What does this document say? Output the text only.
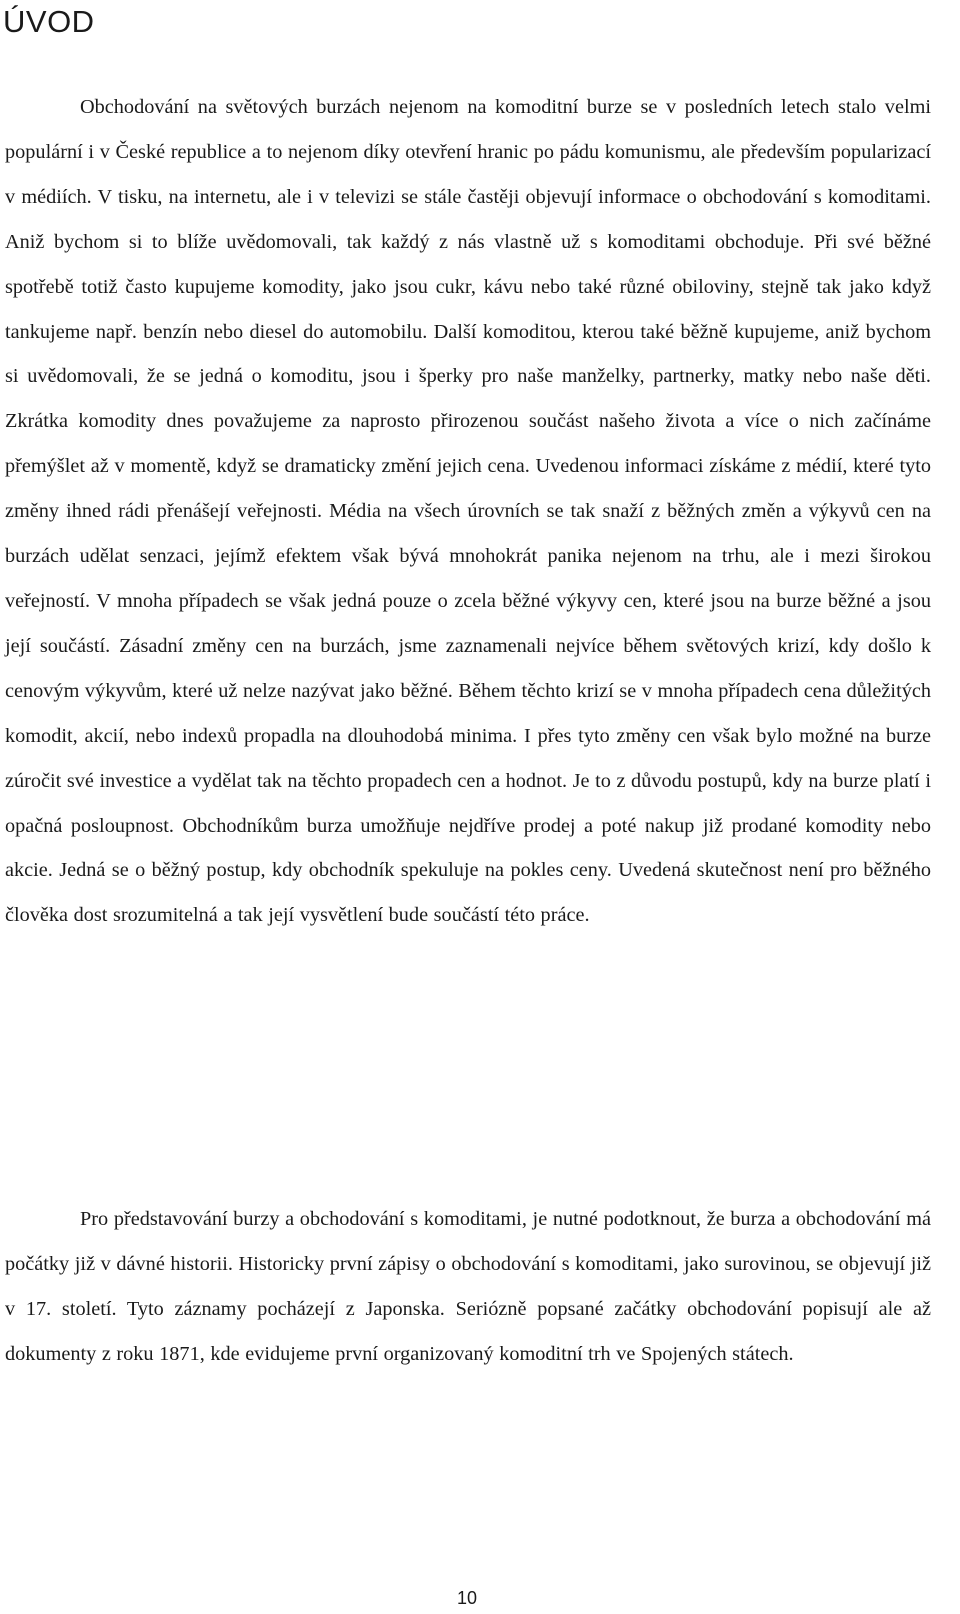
ÚVOD

Obchodování na světových burzách nejenom na komoditní burze se v posledních letech stalo velmi populární i v České republice a to nejenom díky otevření hranic po pádu komunismu, ale především popularizací v médiích. V tisku, na internetu, ale i v televizi se stále častěji objevují informace o obchodování s komoditami. Aniž bychom si to blíže uvědomovali, tak každý z nás vlastně už s komoditami obchoduje. Při své běžné spotřebě totiž často kupujeme komodity, jako jsou cukr, kávu nebo také různé obiloviny, stejně tak jako když tankujeme např. benzín nebo diesel do automobilu. Další komoditou, kterou také běžně kupujeme, aniž bychom si uvědomovali, že se jedná o komoditu, jsou i šperky pro naše manželky, partnerky, matky nebo naše děti. Zkrátka komodity dnes považujeme za naprosto přirozenou součást našeho života a více o nich začínáme přemýšlet až v momentě, když se dramaticky změní jejich cena. Uvedenou informaci získáme z médií, které tyto změny ihned rádi přenášejí veřejnosti. Média na všech úrovních se tak snaží z běžných změn a výkyvů cen na burzách udělat senzaci, jejímž efektem však bývá mnohokrát panika nejenom na trhu, ale i mezi širokou veřejností. V mnoha případech se však jedná pouze o zcela běžné výkyvy cen, které jsou na burze běžné a jsou její součástí. Zásadní změny cen na burzách, jsme zaznamenali nejvíce během světových krizí, kdy došlo k cenovým výkyvům, které už nelze nazývat jako běžné. Během těchto krizí se v mnoha případech cena důležitých komodit, akcií, nebo indexů propadla na dlouhodobá minima. I přes tyto změny cen však bylo možné na burze zúročit své investice a vydělat tak na těchto propadech cen a hodnot. Je to z důvodu postupů, kdy na burze platí i opačná posloupnost. Obchodníkům burza umožňuje nejdříve prodej a poté nakup již prodané komodity nebo akcie. Jedná se o běžný postup, kdy obchodník spekuluje na pokles ceny. Uvedená skutečnost není pro běžného člověka dost srozumitelná a tak její vysvětlení bude součástí této práce.

Pro představování burzy a obchodování s komoditami, je nutné podotknout, že burza a obchodování má počátky již v dávné historii. Historicky první zápisy o obchodování s komoditami, jako surovinou, se objevují již v 17. století. Tyto záznamy pocházejí z Japonska. Seriózně popsané začátky obchodování popisují ale až dokumenty z roku 1871, kde evidujeme první organizovaný komoditní trh ve Spojených státech.

10
